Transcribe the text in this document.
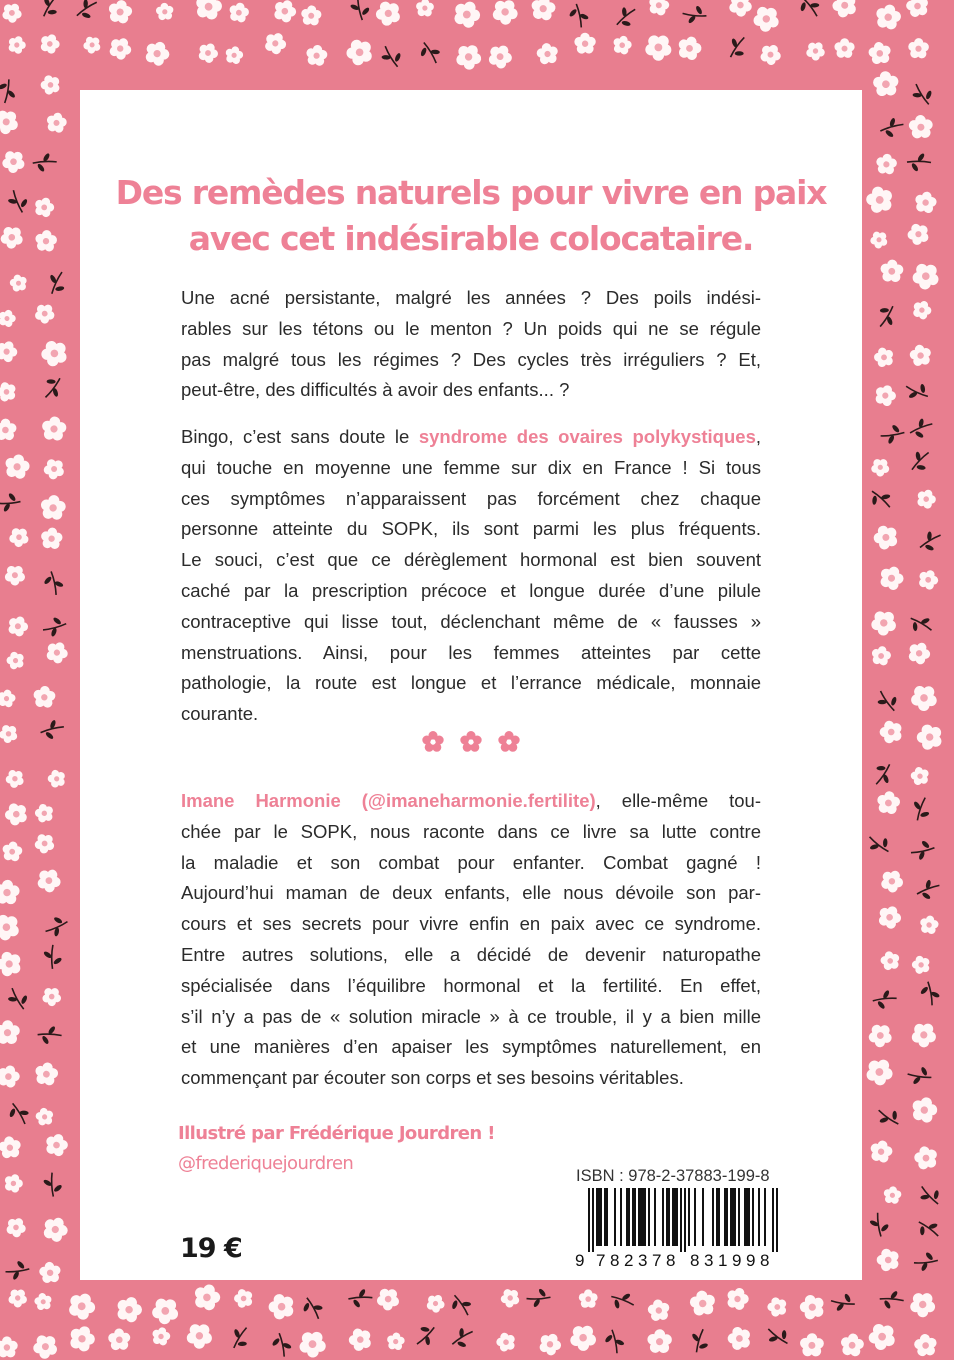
Des remèdes naturels pour vivre en paix
avec cet indésirable colocataire.

Une acné persistante, malgré les années ? Des poils indési-
rables sur les tétons ou le menton ? Un poids qui ne se régule
pas malgré tous les régimes ? Des cycles très irréguliers ? Et,
peut-être, des difficultés à avoir des enfants... ?

Bingo, c’est sans doute le syndrome des ovaires polykystiques,
qui touche en moyenne une femme sur dix en France ! Si tous
ces symptômes n’apparaissent pas forcément chez chaque
personne atteinte du SOPK, ils sont parmi les plus fréquents.
Le souci, c’est que ce dérèglement hormonal est bien souvent
caché par la prescription précoce et longue durée d’une pilule
contraceptive qui lisse tout, déclenchant même de « fausses »
menstruations. Ainsi, pour les femmes atteintes par cette
pathologie, la route est longue et l’errance médicale, monnaie
courante.

Imane Harmonie (@imaneharmonie.fertilite), elle-même tou-
chée par le SOPK, nous raconte dans ce livre sa lutte contre
la maladie et son combat pour enfanter. Combat gagné !
Aujourd’hui maman de deux enfants, elle nous dévoile son par-
cours et ses secrets pour vivre enfin en paix avec ce syndrome.
Entre autres solutions, elle a décidé de devenir naturopathe
spécialisée dans l’équilibre hormonal et la fertilité. En effet,
s’il n’y a pas de « solution miracle » à ce trouble, il y a bien mille
et une manières d’en apaiser les symptômes naturellement, en
commençant par écouter son corps et ses besoins véritables.

Illustré par Frédérique Jourdren !

@frederiquejourdren

19 €

ISBN : 978-2-37883-199-8

9 7 8 2 3 7 8 8 3 1 9 9 8
